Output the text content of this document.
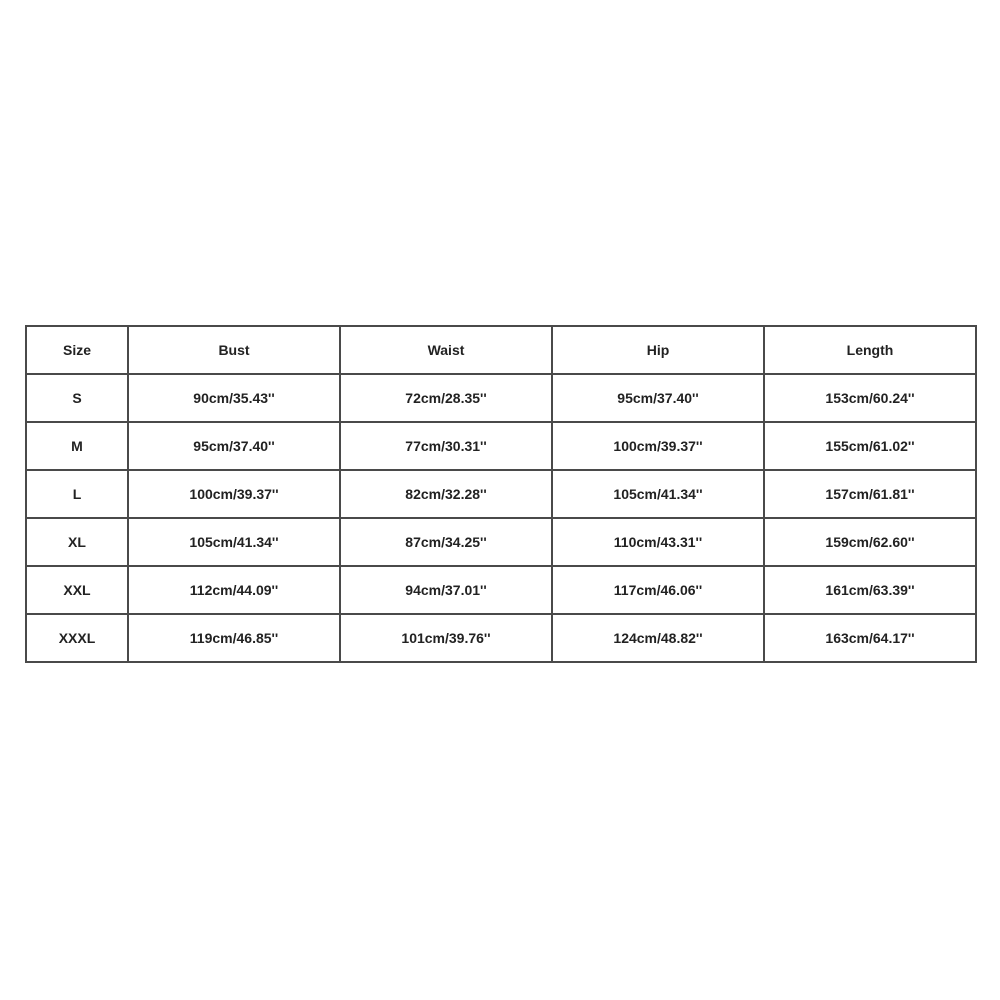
Size	Bust	Waist	Hip	Length
S	90cm/35.43''	72cm/28.35''	95cm/37.40''	153cm/60.24''
M	95cm/37.40''	77cm/30.31''	100cm/39.37''	155cm/61.02''
L	100cm/39.37''	82cm/32.28''	105cm/41.34''	157cm/61.81''
XL	105cm/41.34''	87cm/34.25''	110cm/43.31''	159cm/62.60''
XXL	112cm/44.09''	94cm/37.01''	117cm/46.06''	161cm/63.39''
XXXL	119cm/46.85''	101cm/39.76''	124cm/48.82''	163cm/64.17''
